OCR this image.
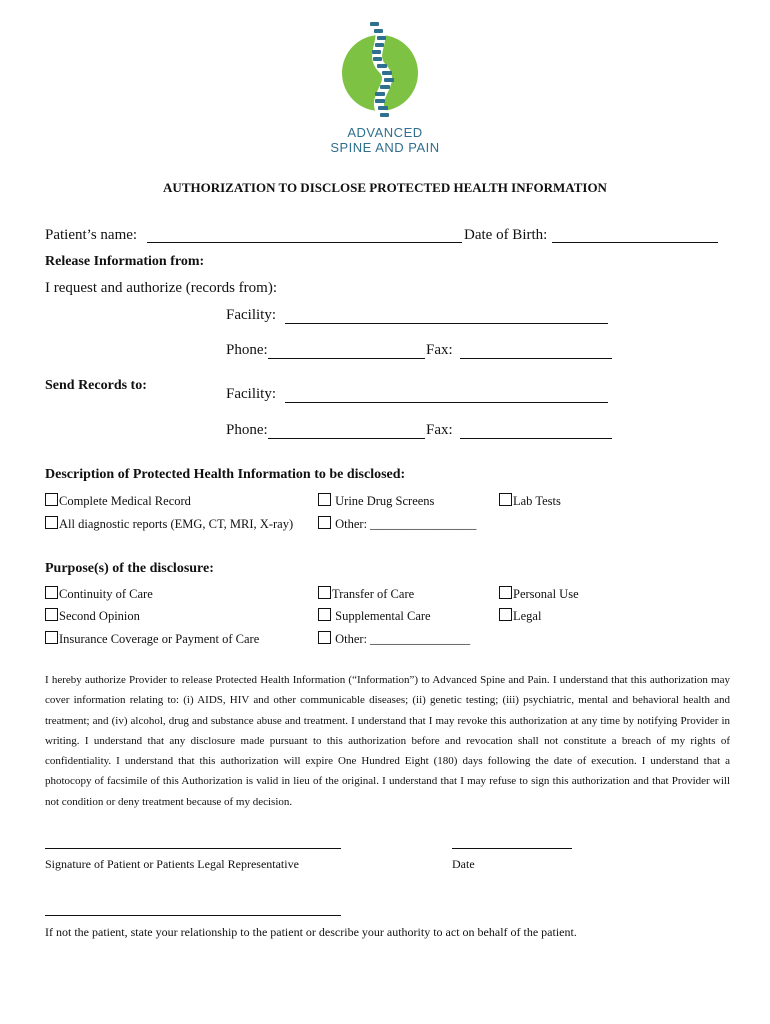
ADVANCED
SPINE AND PAIN
AUTHORIZATION TO DISCLOSE PROTECTED HEALTH INFORMATION
Patient’s name:	Date of Birth:
Release Information from:
I request and authorize (records from):
Facility:
Phone:	Fax:
Send Records to:
Facility:
Phone:	Fax:
Description of Protected Health Information to be disclosed:
Complete Medical Record	Urine Drug Screens	Lab Tests
All diagnostic reports (EMG, CT, MRI, X-ray)	Other: _________________
Purpose(s) of the disclosure:
Continuity of Care	Transfer of Care	Personal Use
Second Opinion	Supplemental Care	Legal
Insurance Coverage or Payment of Care	Other: ________________
I hereby authorize Provider to release Protected Health Information (“Information”) to Advanced Spine and Pain. I understand that this authorization may cover information relating to: (i) AIDS, HIV and other communicable diseases; (ii) genetic testing; (iii) psychiatric, mental and behavioral health and treatment; and (iv) alcohol, drug and substance abuse and treatment. I understand that I may revoke this authorization at any time by notifying Provider in writing. I understand that any disclosure made pursuant to this authorization before and revocation shall not constitute a breach of my rights of confidentiality. I understand that this authorization will expire One Hundred Eight (180) days following the date of execution. I understand that a photocopy of facsimile of this Authorization is valid in lieu of the original. I understand that I may refuse to sign this authorization and that Provider will not condition or deny treatment because of my decision.
Signature of Patient or Patients Legal Representative	Date
If not the patient, state your relationship to the patient or describe your authority to act on behalf of the patient.
